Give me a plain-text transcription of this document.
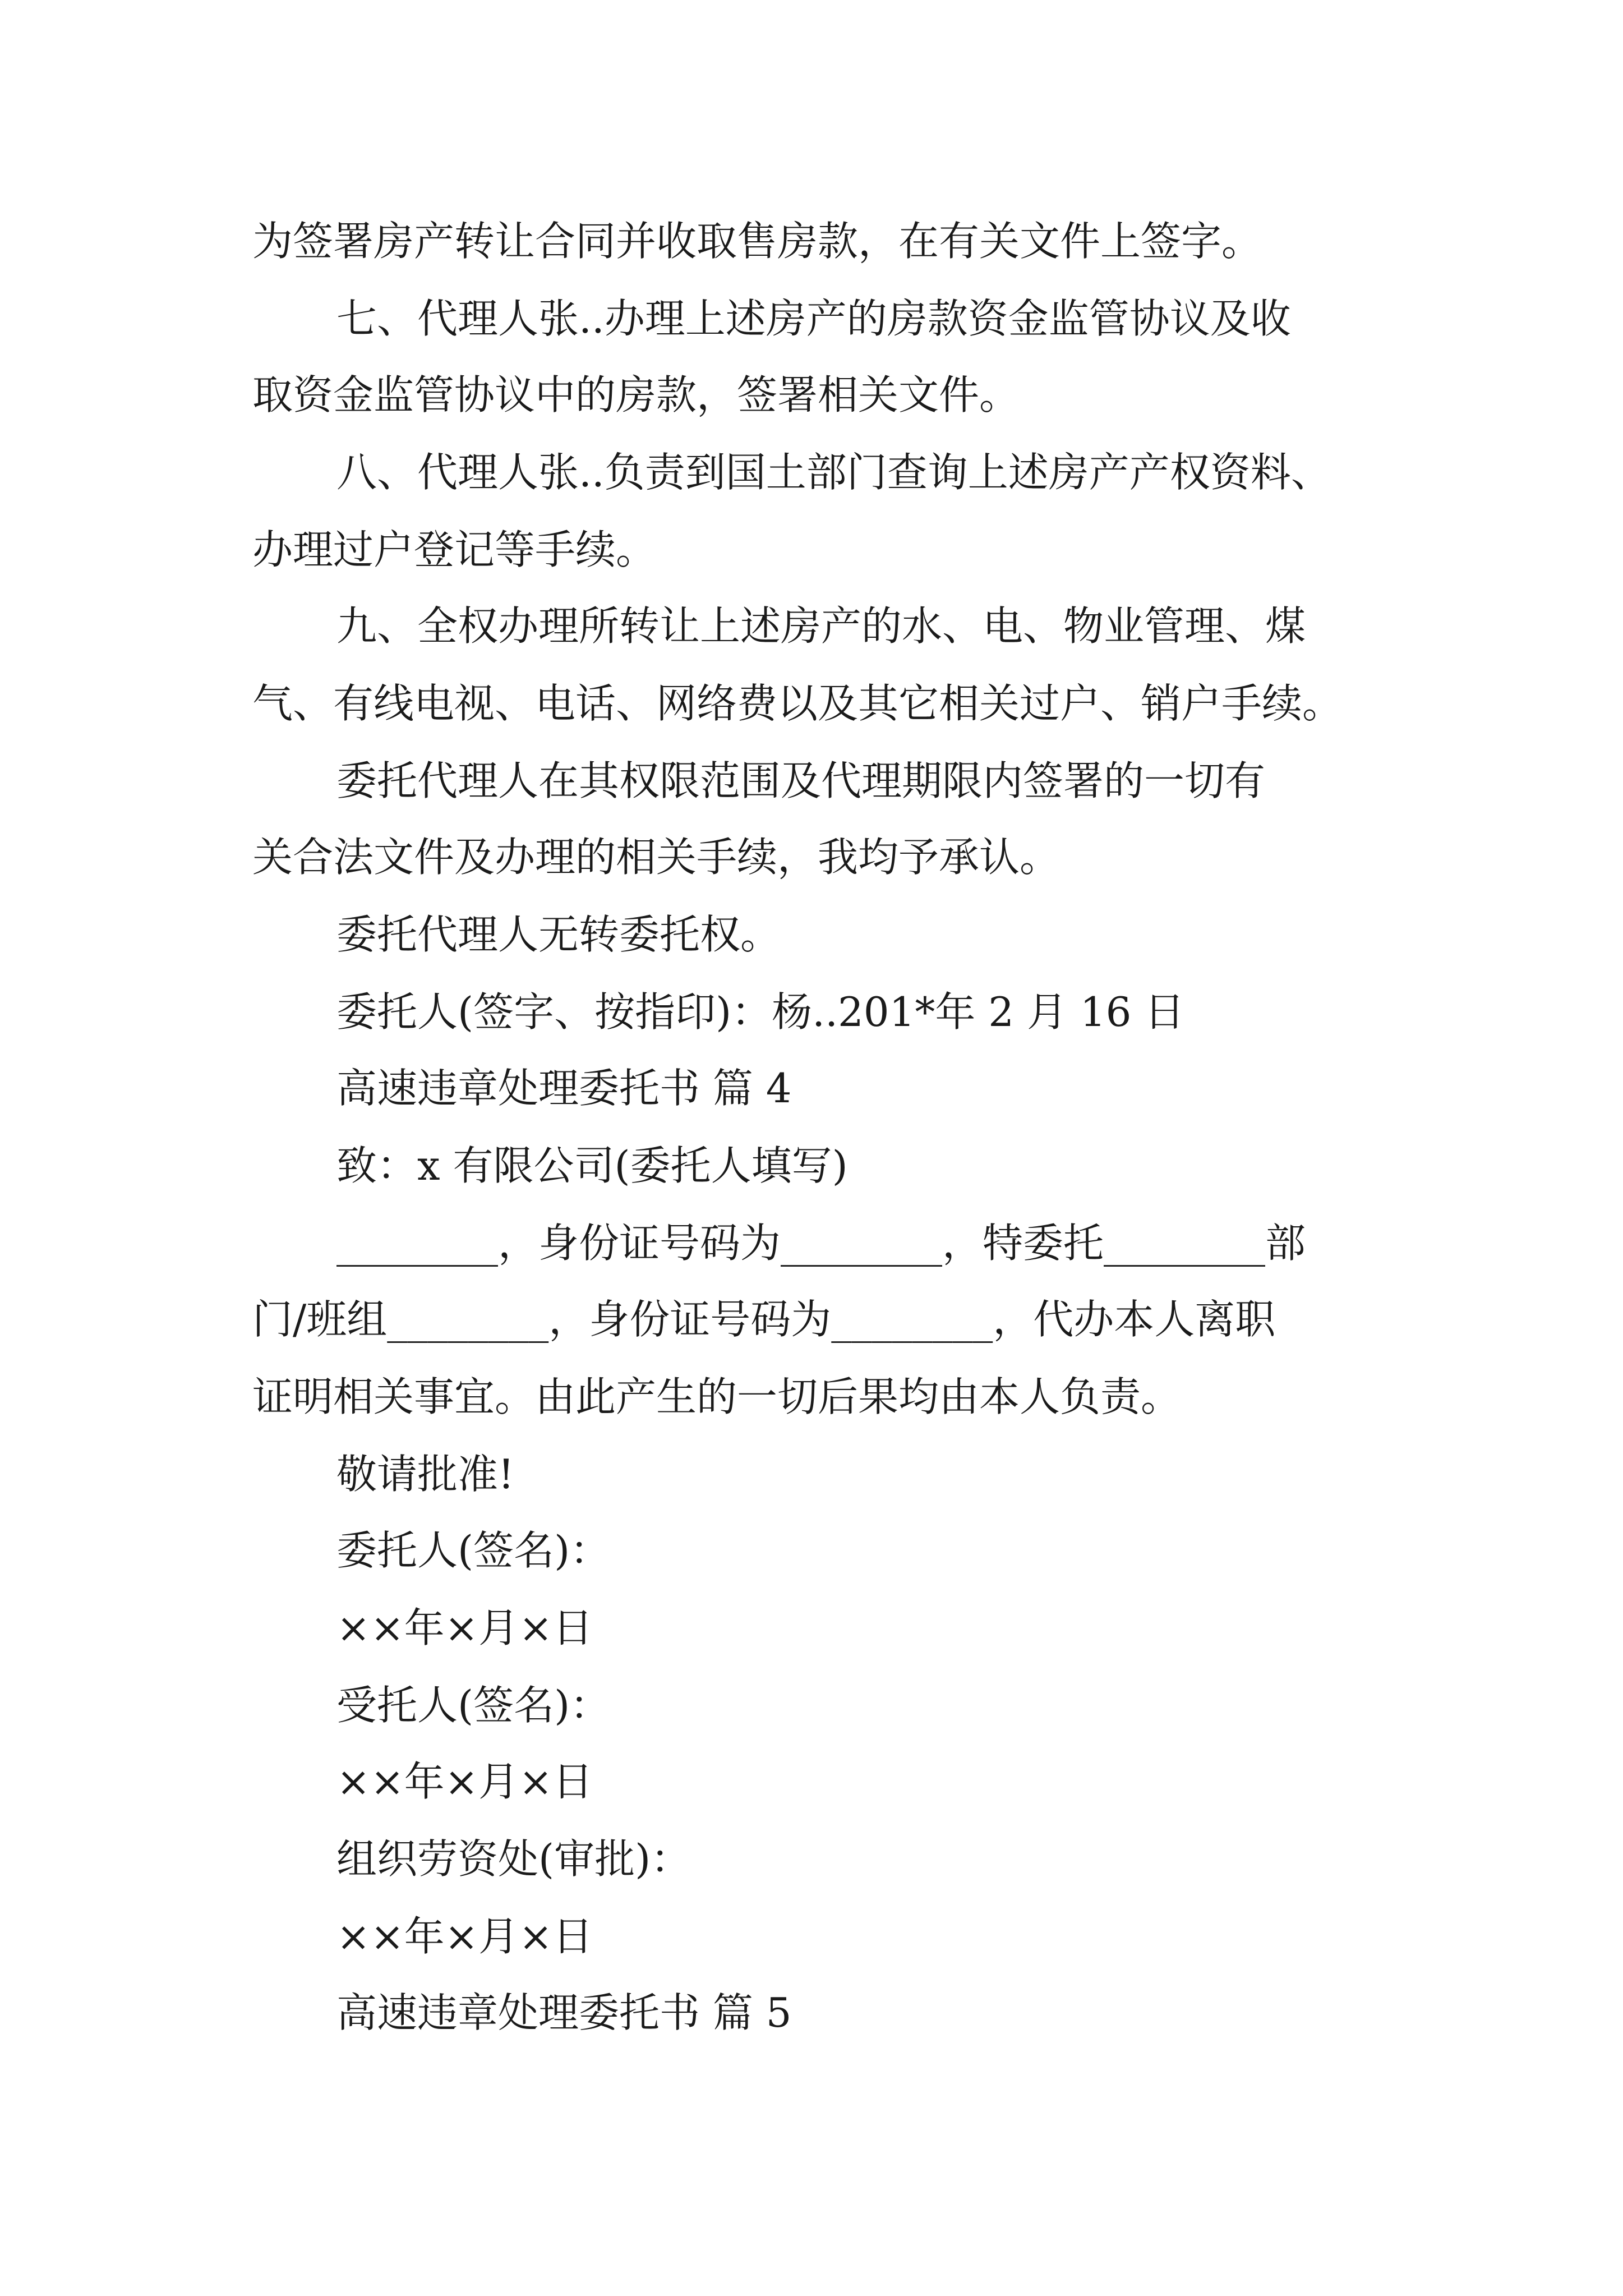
为签署房产转让合同并收取售房款，在有关文件上签字。
七、代理人张..办理上述房产的房款资金监管协议及收
取资金监管协议中的房款，签署相关文件。
八、代理人张..负责到国土部门查询上述房产产权资料、
办理过户登记等手续。
九、全权办理所转让上述房产的水、电、物业管理、煤
气、有线电视、电话、网络费以及其它相关过户、销户手续。
委托代理人在其权限范围及代理期限内签署的一切有
关合法文件及办理的相关手续，我均予承认。
委托代理人无转委托权。
委托人(签字、按指印)：杨..201*年 2 月 16 日
高速违章处理委托书 篇 4
致：x 有限公司(委托人填写)
________，身份证号码为________，特委托________部
门/班组________，身份证号码为________，代办本人离职
证明相关事宜。由此产生的一切后果均由本人负责。
敬请批准!
委托人(签名)：
××年×月×日
受托人(签名)：
××年×月×日
组织劳资处(审批)：
××年×月×日
高速违章处理委托书 篇 5
